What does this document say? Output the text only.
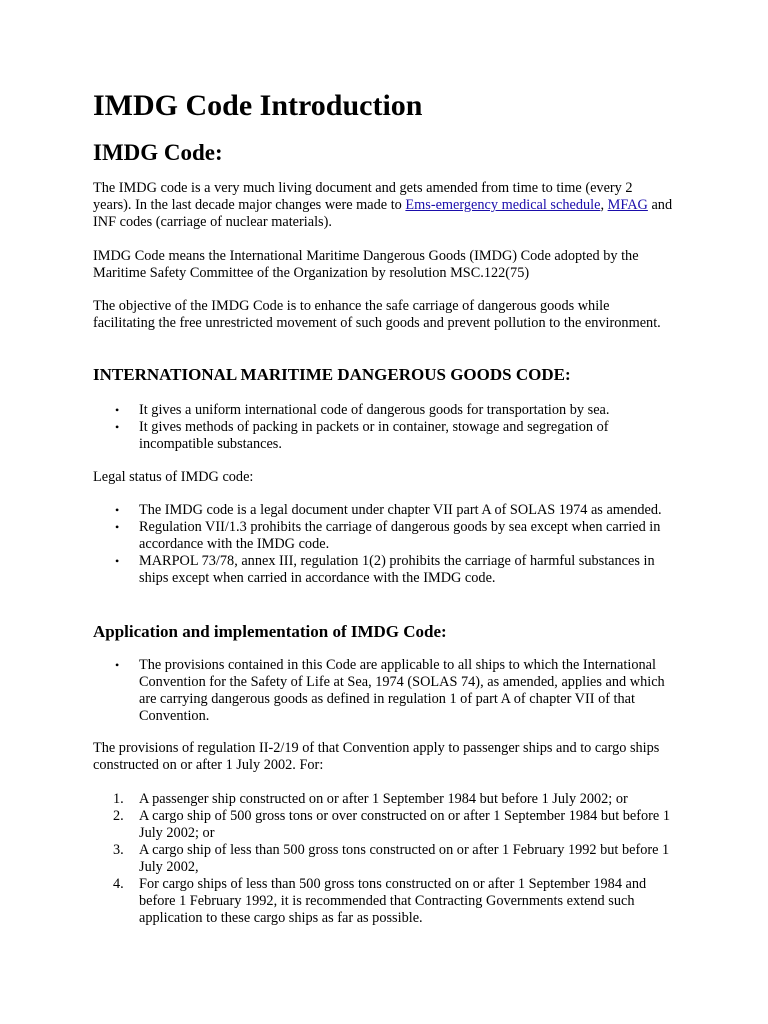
IMDG Code Introduction
IMDG Code:

The IMDG code is a very much living document and gets amended from time to time (every 2 years). In the last decade major changes were made to Ems-emergency medical schedule, MFAG and INF codes (carriage of nuclear materials).

IMDG Code means the International Maritime Dangerous Goods (IMDG) Code adopted by the Maritime Safety Committee of the Organization by resolution MSC.122(75)

The objective of the IMDG Code is to enhance the safe carriage of dangerous goods while facilitating the free unrestricted movement of such goods and prevent pollution to the environment.

INTERNATIONAL MARITIME DANGEROUS GOODS CODE:
• It gives a uniform international code of dangerous goods for transportation by sea.
• It gives methods of packing in packets or in container, stowage and segregation of incompatible substances.

Legal status of IMDG code:

• The IMDG code is a legal document under chapter VII part A of SOLAS 1974 as amended.
• Regulation VII/1.3 prohibits the carriage of dangerous goods by sea except when carried in accordance with the IMDG code.
• MARPOL 73/78, annex III, regulation 1(2) prohibits the carriage of harmful substances in ships except when carried in accordance with the IMDG code.
Application and implementation of IMDG Code:
• The provisions contained in this Code are applicable to all ships to which the International Convention for the Safety of Life at Sea, 1974 (SOLAS 74), as amended, applies and which are carrying dangerous goods as defined in regulation 1 of part A of chapter VII of that Convention.

The provisions of regulation II-2/19 of that Convention apply to passenger ships and to cargo ships constructed on or after 1 July 2002. For:

1. A passenger ship constructed on or after 1 September 1984 but before 1 July 2002; or
2. A cargo ship of 500 gross tons or over constructed on or after 1 September 1984 but before 1 July 2002; or
3. A cargo ship of less than 500 gross tons constructed on or after 1 February 1992 but before 1 July 2002,
4. For cargo ships of less than 500 gross tons constructed on or after 1 September 1984 and before 1 February 1992, it is recommended that Contracting Governments extend such application to these cargo ships as far as possible.
